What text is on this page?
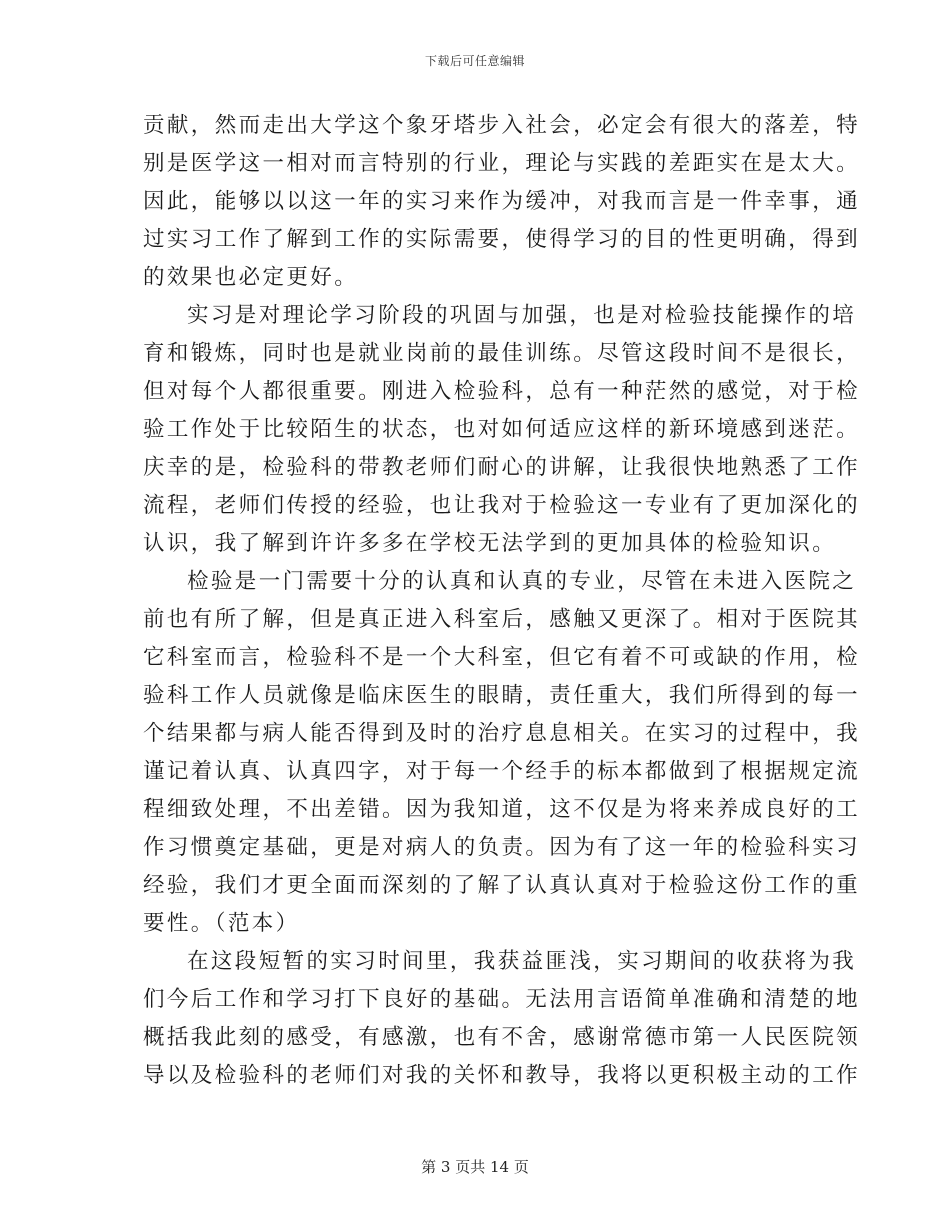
下载后可任意编辑
贡献，然而走出大学这个象牙塔步入社会，必定会有很大的落差，特
别是医学这一相对而言特别的行业，理论与实践的差距实在是太大。
因此，能够以以这一年的实习来作为缓冲，对我而言是一件幸事，通
过实习工作了解到工作的实际需要，使得学习的目的性更明确，得到
的效果也必定更好。
实习是对理论学习阶段的巩固与加强，也是对检验技能操作的培
育和锻炼，同时也是就业岗前的最佳训练。尽管这段时间不是很长，
但对每个人都很重要。刚进入检验科，总有一种茫然的感觉，对于检
验工作处于比较陌生的状态，也对如何适应这样的新环境感到迷茫。
庆幸的是，检验科的带教老师们耐心的讲解，让我很快地熟悉了工作
流程，老师们传授的经验，也让我对于检验这一专业有了更加深化的
认识，我了解到许许多多在学校无法学到的更加具体的检验知识。
检验是一门需要十分的认真和认真的专业，尽管在未进入医院之
前也有所了解，但是真正进入科室后，感触又更深了。相对于医院其
它科室而言，检验科不是一个大科室，但它有着不可或缺的作用，检
验科工作人员就像是临床医生的眼睛，责任重大，我们所得到的每一
个结果都与病人能否得到及时的治疗息息相关。在实习的过程中，我
谨记着认真、认真四字，对于每一个经手的标本都做到了根据规定流
程细致处理，不出差错。因为我知道，这不仅是为将来养成良好的工
作习惯奠定基础，更是对病人的负责。因为有了这一年的检验科实习
经验，我们才更全面而深刻的了解了认真认真对于检验这份工作的重
要性。（范本）
在这段短暂的实习时间里，我获益匪浅，实习期间的收获将为我
们今后工作和学习打下良好的基础。无法用言语简单准确和清楚的地
概括我此刻的感受，有感激，也有不舍，感谢常德市第一人民医院领
导以及检验科的老师们对我的关怀和教导，我将以更积极主动的工作
第 3 页共 14 页
